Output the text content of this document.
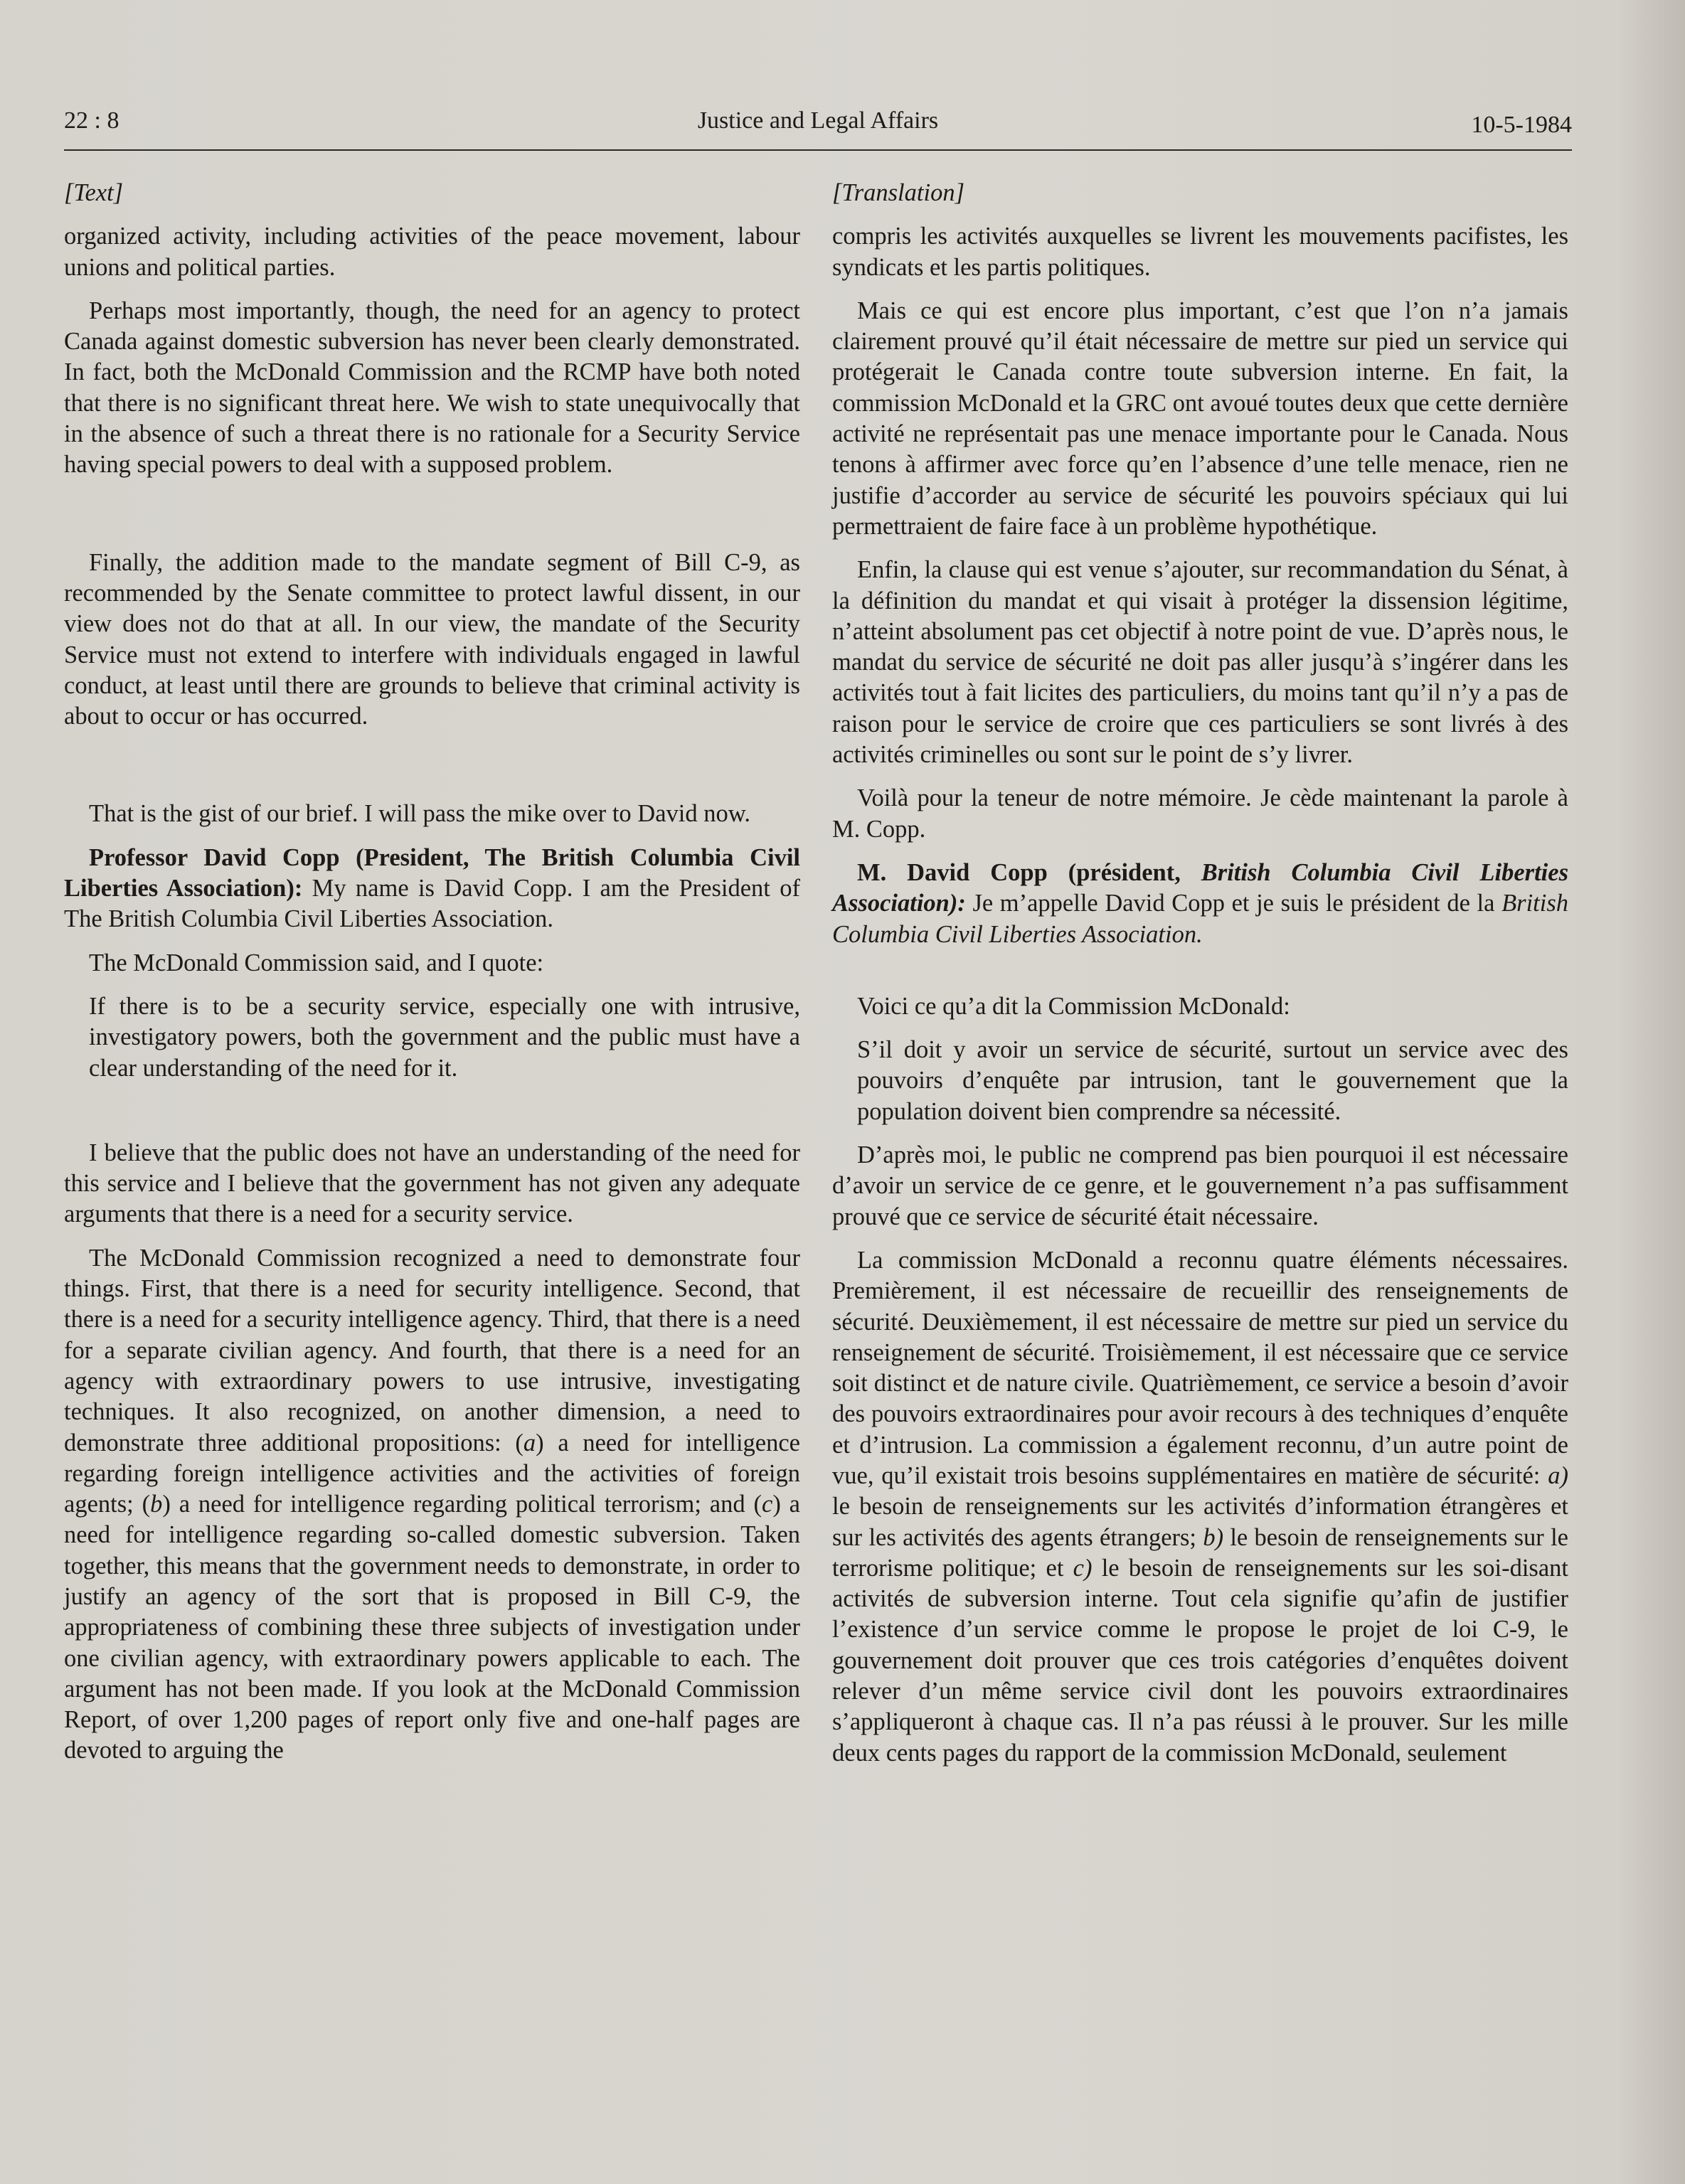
22 : 8	Justice and Legal Affairs	10-5-1984

[Text]

organized activity, including activities of the peace movement, labour unions and political parties.

Perhaps most importantly, though, the need for an agency to protect Canada against domestic subversion has never been clearly demonstrated. In fact, both the McDonald Commission and the RCMP have both noted that there is no significant threat here. We wish to state unequivocally that in the absence of such a threat there is no rationale for a Security Service having special powers to deal with a supposed problem.

Finally, the addition made to the mandate segment of Bill C-9, as recommended by the Senate committee to protect lawful dissent, in our view does not do that at all. In our view, the mandate of the Security Service must not extend to interfere with individuals engaged in lawful conduct, at least until there are grounds to believe that criminal activity is about to occur or has occurred.

That is the gist of our brief. I will pass the mike over to David now.

Professor David Copp (President, The British Columbia Civil Liberties Association): My name is David Copp. I am the President of The British Columbia Civil Liberties Association.

The McDonald Commission said, and I quote:

If there is to be a security service, especially one with intrusive, investigatory powers, both the government and the public must have a clear understanding of the need for it.

I believe that the public does not have an understanding of the need for this service and I believe that the government has not given any adequate arguments that there is a need for a security service.

The McDonald Commission recognized a need to demonstrate four things. First, that there is a need for security intelligence. Second, that there is a need for a security intelligence agency. Third, that there is a need for a separate civilian agency. And fourth, that there is a need for an agency with extraordinary powers to use intrusive, investigating techniques. It also recognized, on another dimension, a need to demonstrate three additional propositions: (a) a need for intelligence regarding foreign intelligence activities and the activities of foreign agents; (b) a need for intelligence regarding political terrorism; and (c) a need for intelligence regarding so-called domestic subversion. Taken together, this means that the government needs to demonstrate, in order to justify an agency of the sort that is proposed in Bill C-9, the appropriateness of combining these three subjects of investigation under one civilian agency, with extraordinary powers applicable to each. The argument has not been made. If you look at the McDonald Commission Report, of over 1,200 pages of report only five and one-half pages are devoted to arguing the

[Translation]

compris les activités auxquelles se livrent les mouvements pacifistes, les syndicats et les partis politiques.

Mais ce qui est encore plus important, c’est que l’on n’a jamais clairement prouvé qu’il était nécessaire de mettre sur pied un service qui protégerait le Canada contre toute subversion interne. En fait, la commission McDonald et la GRC ont avoué toutes deux que cette dernière activité ne représentait pas une menace importante pour le Canada. Nous tenons à affirmer avec force qu’en l’absence d’une telle menace, rien ne justifie d’accorder au service de sécurité les pouvoirs spéciaux qui lui permettraient de faire face à un problème hypothétique.

Enfin, la clause qui est venue s’ajouter, sur recommandation du Sénat, à la définition du mandat et qui visait à protéger la dissension légitime, n’atteint absolument pas cet objectif à notre point de vue. D’après nous, le mandat du service de sécurité ne doit pas aller jusqu’à s’ingérer dans les activités tout à fait licites des particuliers, du moins tant qu’il n’y a pas de raison pour le service de croire que ces particuliers se sont livrés à des activités criminelles ou sont sur le point de s’y livrer.

Voilà pour la teneur de notre mémoire. Je cède maintenant la parole à M. Copp.

M. David Copp (président, British Columbia Civil Liberties Association): Je m’appelle David Copp et je suis le président de la British Columbia Civil Liberties Association.

Voici ce qu’a dit la Commission McDonald:

S’il doit y avoir un service de sécurité, surtout un service avec des pouvoirs d’enquête par intrusion, tant le gouvernement que la population doivent bien comprendre sa nécessité.

D’après moi, le public ne comprend pas bien pourquoi il est nécessaire d’avoir un service de ce genre, et le gouvernement n’a pas suffisamment prouvé que ce service de sécurité était nécessaire.

La commission McDonald a reconnu quatre éléments nécessaires. Premièrement, il est nécessaire de recueillir des renseignements de sécurité. Deuxièmement, il est nécessaire de mettre sur pied un service du renseignement de sécurité. Troisièmement, il est nécessaire que ce service soit distinct et de nature civile. Quatrièmement, ce service a besoin d’avoir des pouvoirs extraordinaires pour avoir recours à des techniques d’enquête et d’intrusion. La commission a également reconnu, d’un autre point de vue, qu’il existait trois besoins supplémentaires en matière de sécurité: a) le besoin de renseignements sur les activités d’information étrangères et sur les activités des agents étrangers; b) le besoin de renseignements sur le terrorisme politique; et c) le besoin de renseignements sur les soi-disant activités de subversion interne. Tout cela signifie qu’afin de justifier l’existence d’un service comme le propose le projet de loi C-9, le gouvernement doit prouver que ces trois catégories d’enquêtes doivent relever d’un même service civil dont les pouvoirs extraordinaires s’appliqueront à chaque cas. Il n’a pas réussi à le prouver. Sur les mille deux cents pages du rapport de la commission McDonald, seulement
